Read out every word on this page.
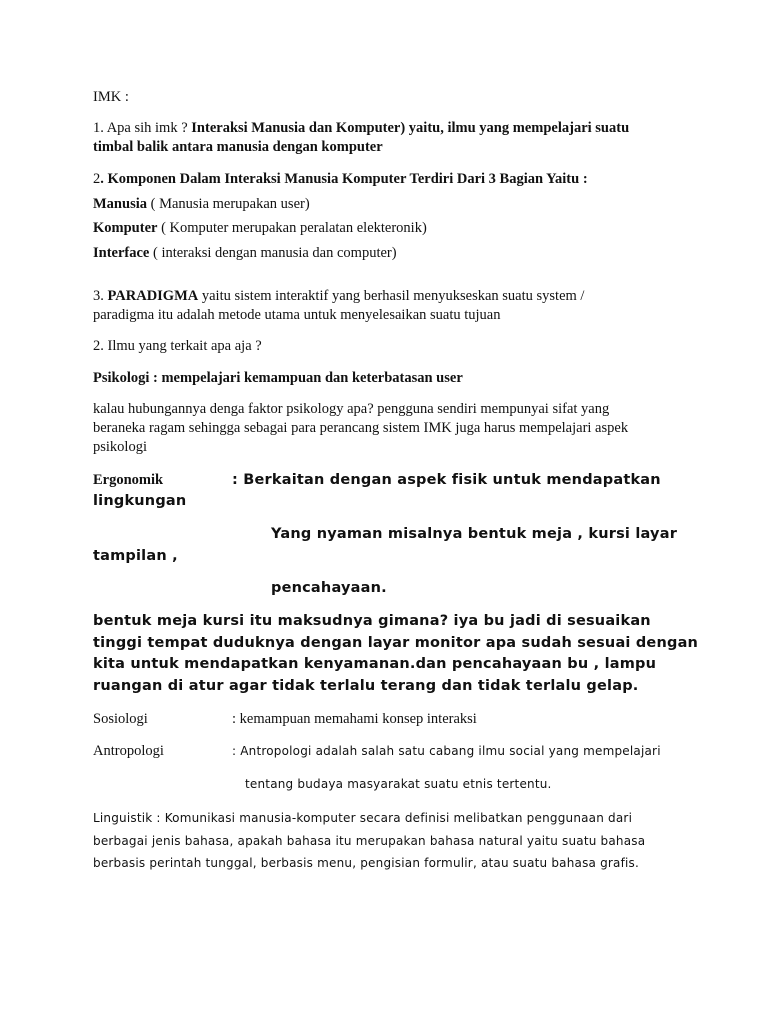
IMK :
1. Apa sih imk ? Interaksi Manusia dan Komputer) yaitu, ilmu yang mempelajari suatu
timbal balik antara manusia dengan komputer
2. Komponen Dalam Interaksi Manusia Komputer Terdiri Dari 3 Bagian Yaitu :
Manusia ( Manusia merupakan user)
Komputer ( Komputer merupakan peralatan elekteronik)
Interface ( interaksi dengan manusia dan computer)
3. PARADIGMA yaitu sistem interaktif yang berhasil menyukseskan suatu system /
paradigma itu adalah metode utama untuk menyelesaikan suatu tujuan
2. Ilmu yang terkait apa aja ?
Psikologi : mempelajari kemampuan dan keterbatasan user
kalau hubungannya denga faktor psikology apa? pengguna sendiri mempunyai sifat yang
beraneka ragam sehingga sebagai para perancang sistem IMK juga harus mempelajari aspek
psikologi
Ergonomik	: Berkaitan dengan aspek fisik untuk mendapatkan
lingkungan
Yang nyaman misalnya bentuk meja , kursi layar
tampilan ,
pencahayaan.
bentuk meja kursi itu maksudnya gimana? iya bu jadi di sesuaikan
tinggi tempat duduknya dengan layar monitor apa sudah sesuai dengan
kita untuk mendapatkan kenyamanan.dan pencahayaan bu , lampu
ruangan di atur agar tidak terlalu terang dan tidak terlalu gelap.
Sosiologi	: kemampuan memahami konsep interaksi
Antropologi	: Antropologi adalah salah satu cabang ilmu social yang mempelajari
tentang budaya masyarakat suatu etnis tertentu.
Linguistik : Komunikasi manusia-komputer secara definisi melibatkan penggunaan dari
berbagai jenis bahasa, apakah bahasa itu merupakan bahasa natural yaitu suatu bahasa
berbasis perintah tunggal, berbasis menu, pengisian formulir, atau suatu bahasa grafis.
